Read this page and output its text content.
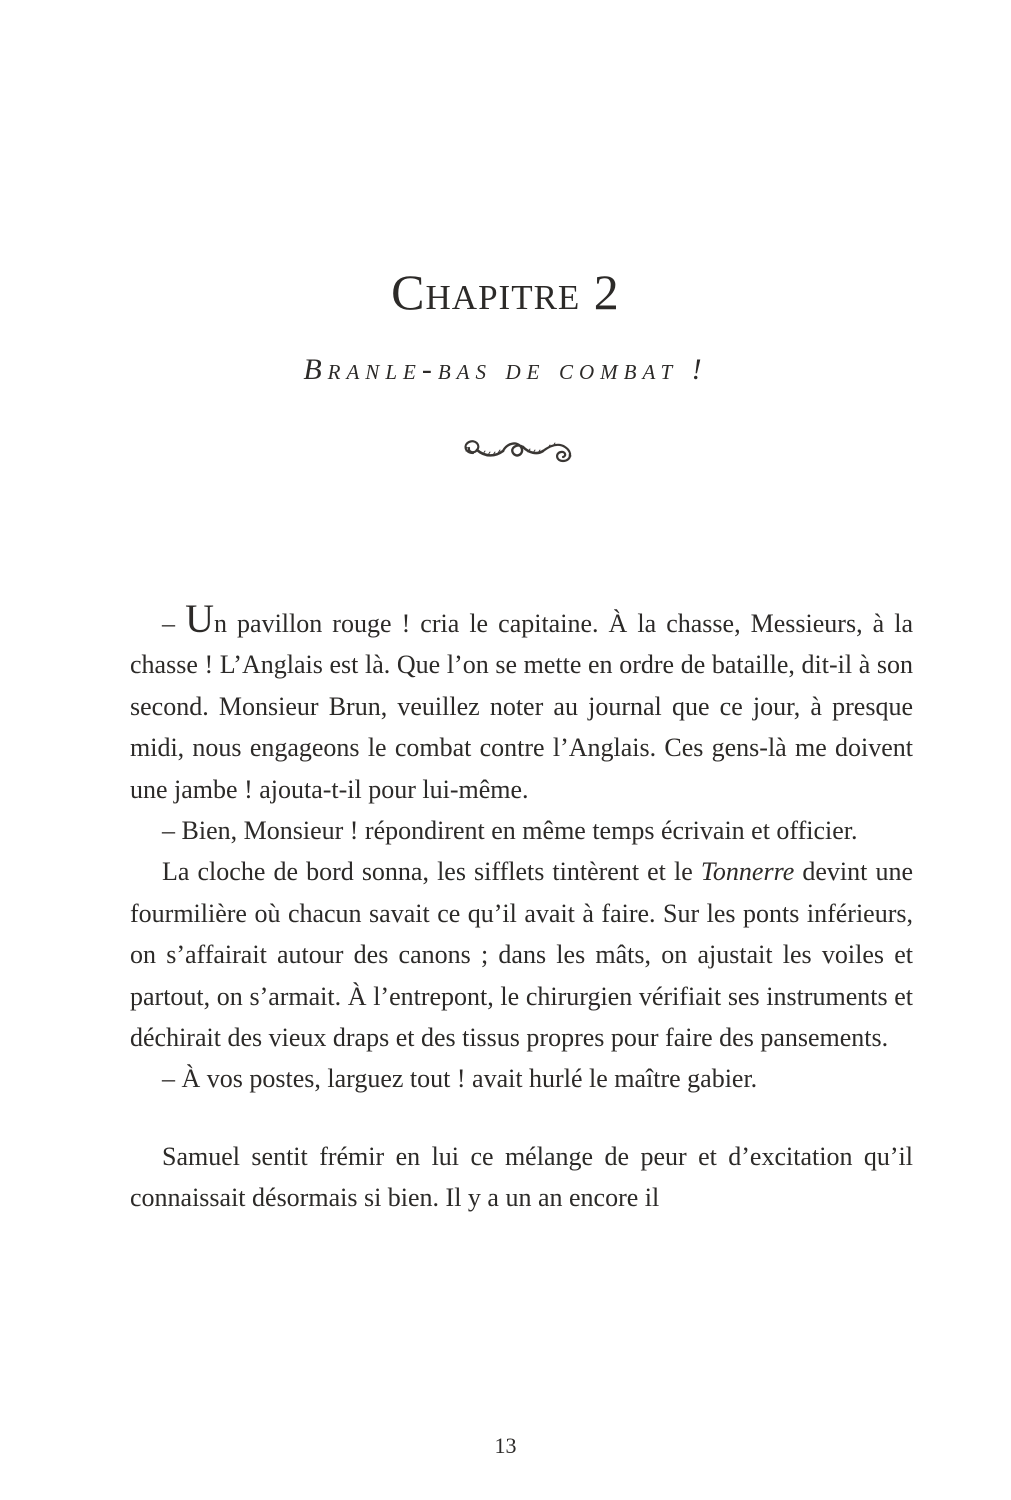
Chapitre 2
Branle-bas de combat !

– Un pavillon rouge ! cria le capitaine. À la chasse, Messieurs, à la chasse ! L’Anglais est là. Que l’on se mette en ordre de bataille, dit-il à son second. Monsieur Brun, veuillez noter au journal que ce jour, à presque midi, nous engageons le combat contre l’Anglais. Ces gens-là me doivent une jambe ! ajouta-t-il pour lui-même.

– Bien, Monsieur ! répondirent en même temps écrivain et officier.

La cloche de bord sonna, les sifflets tintèrent et le Tonnerre devint une fourmilière où chacun savait ce qu’il avait à faire. Sur les ponts inférieurs, on s’affairait autour des canons ; dans les mâts, on ajustait les voiles et partout, on s’armait. À l’entrepont, le chirurgien vérifiait ses instruments et déchirait des vieux draps et des tissus propres pour faire des pansements.

– À vos postes, larguez tout ! avait hurlé le maître gabier.

Samuel sentit frémir en lui ce mélange de peur et d’excitation qu’il connaissait désormais si bien. Il y a un an encore il

13
